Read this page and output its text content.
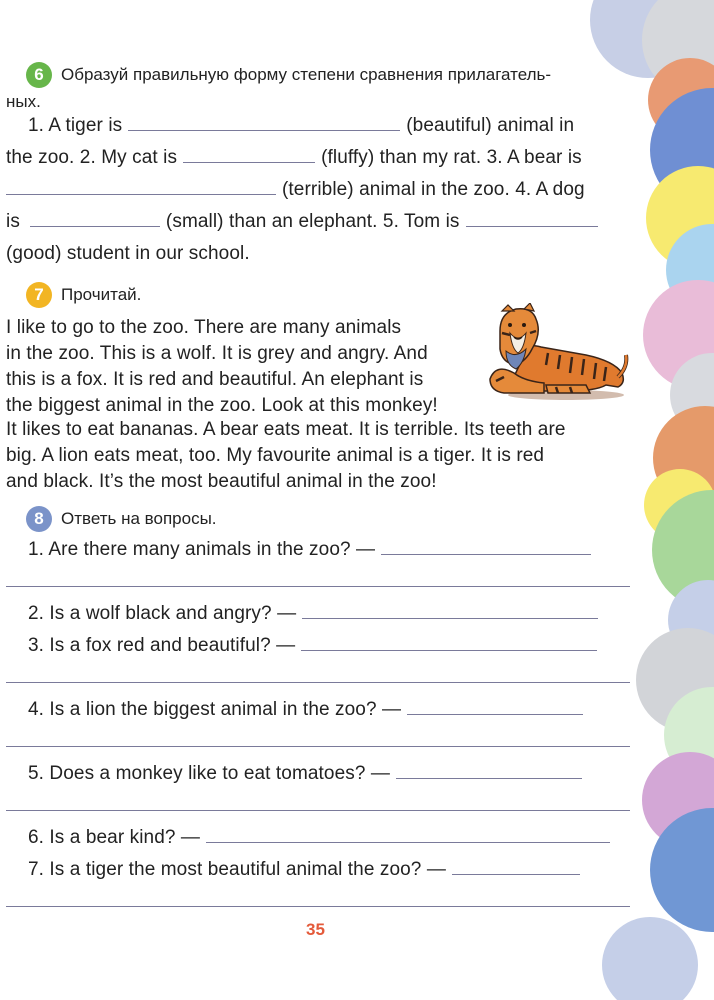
6	Образуй правильную форму степени сравнения прилагатель-
ных.
1. A tiger is	(beautiful) animal in
the zoo. 2. My cat is	(fluffy) than my rat. 3. A bear is
(terrible) animal in the zoo. 4. A dog
is	(small) than an elephant. 5. Tom is
(good) student in our school.
7	Прочитай.
I like to go to the zoo. There are many animals
in the zoo. This is a wolf. It is grey and angry. And
this is a fox. It is red and beautiful. An elephant is
the biggest animal in the zoo. Look at this monkey!
It likes to eat bananas. A bear eats meat. It is terrible. Its teeth are
big. A lion eats meat, too. My favourite animal is a tiger. It is red
and black. It’s the most beautiful animal in the zoo!
8	Ответь на вопросы.
1. Are there many animals in the zoo? —
2. Is a wolf black and angry? —
3. Is a fox red and beautiful? —
4. Is a lion the biggest animal in the zoo? —
5. Does a monkey like to eat tomatoes? —
6. Is a bear kind? —
7. Is a tiger the most beautiful animal the zoo? —
35
